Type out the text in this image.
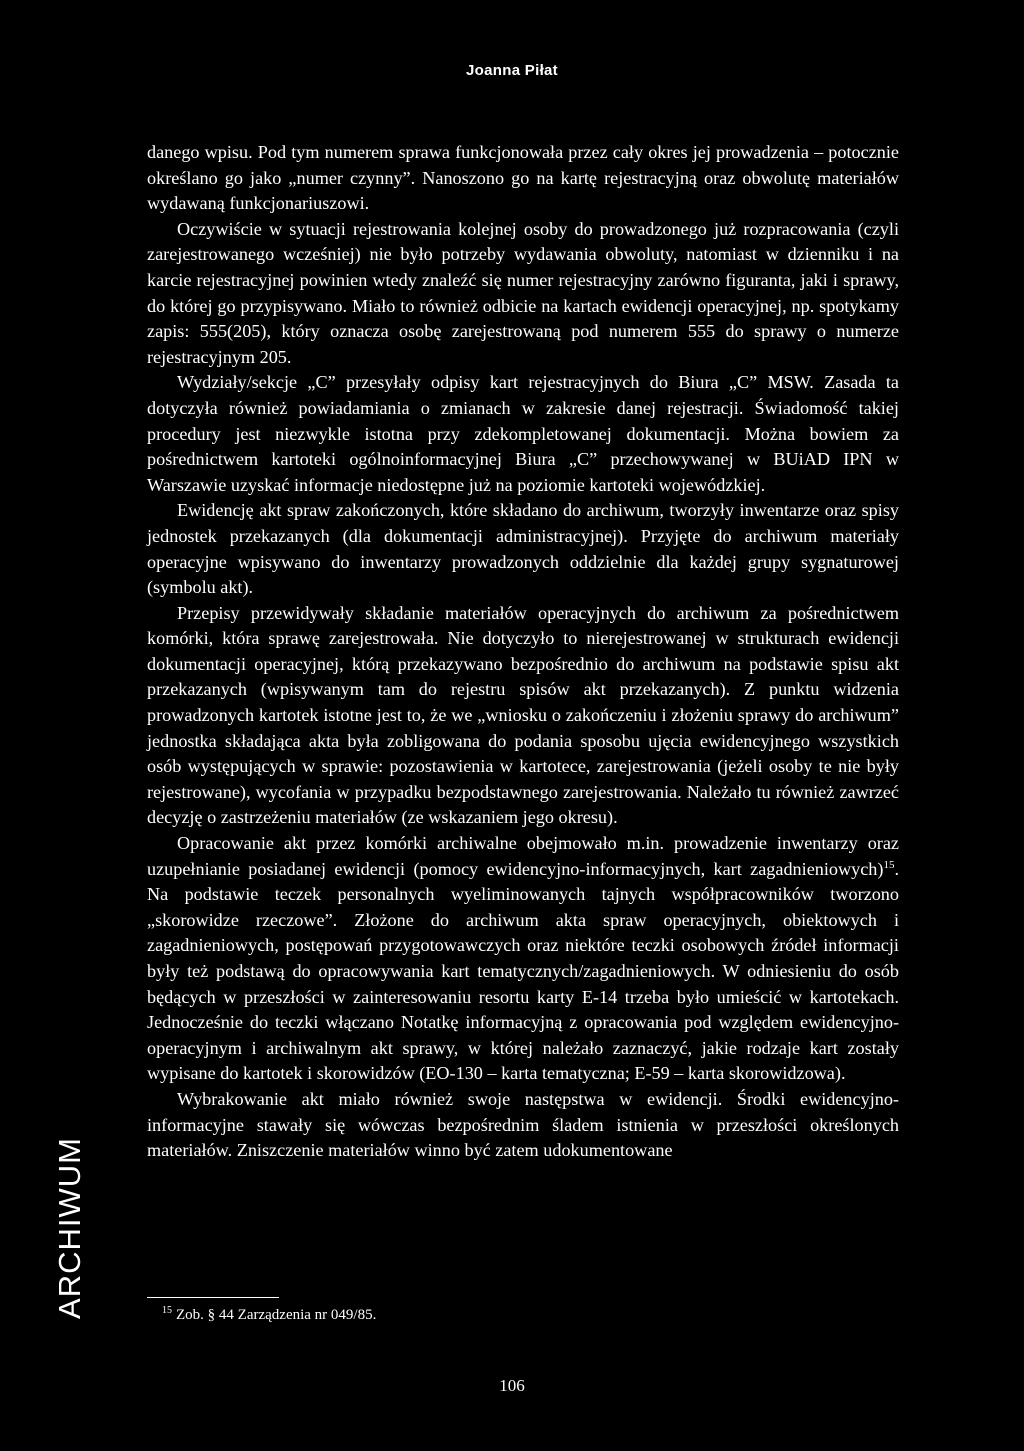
Joanna Piłat

danego wpisu. Pod tym numerem sprawa funkcjonowała przez cały okres jej prowadzenia – potocznie określano go jako „numer czynny”. Nanoszono go na kartę rejestracyjną oraz obwolutę materiałów wydawaną funkcjonariuszowi.

Oczywiście w sytuacji rejestrowania kolejnej osoby do prowadzonego już rozpracowania (czyli zarejestrowanego wcześniej) nie było potrzeby wydawania obwoluty, natomiast w dzienniku i na karcie rejestracyjnej powinien wtedy znaleźć się numer rejestracyjny zarówno figuranta, jaki i sprawy, do której go przypisywano. Miało to również odbicie na kartach ewidencji operacyjnej, np. spotykamy zapis: 555(205), który oznacza osobę zarejestrowaną pod numerem 555 do sprawy o numerze rejestracyjnym 205.

Wydziały/sekcje „C” przesyłały odpisy kart rejestracyjnych do Biura „C” MSW. Zasada ta dotyczyła również powiadamiania o zmianach w zakresie danej rejestracji. Świadomość takiej procedury jest niezwykle istotna przy zdekompletowanej dokumentacji. Można bowiem za pośrednictwem kartoteki ogólnoinformacyjnej Biura „C” przechowywanej w BUiAD IPN w Warszawie uzyskać informacje niedostępne już na poziomie kartoteki wojewódzkiej.

Ewidencję akt spraw zakończonych, które składano do archiwum, tworzyły inwentarze oraz spisy jednostek przekazanych (dla dokumentacji administracyjnej). Przyjęte do archiwum materiały operacyjne wpisywano do inwentarzy prowadzonych oddzielnie dla każdej grupy sygnaturowej (symbolu akt).

Przepisy przewidywały składanie materiałów operacyjnych do archiwum za pośrednictwem komórki, która sprawę zarejestrowała. Nie dotyczyło to nierejestrowanej w strukturach ewidencji dokumentacji operacyjnej, którą przekazywano bezpośrednio do archiwum na podstawie spisu akt przekazanych (wpisywanym tam do rejestru spisów akt przekazanych). Z punktu widzenia prowadzonych kartotek istotne jest to, że we „wniosku o zakończeniu i złożeniu sprawy do archiwum” jednostka składająca akta była zobligowana do podania sposobu ujęcia ewidencyjnego wszystkich osób występujących w sprawie: pozostawienia w kartotece, zarejestrowania (jeżeli osoby te nie były rejestrowane), wycofania w przypadku bezpodstawnego zarejestrowania. Należało tu również zawrzeć decyzję o zastrzeżeniu materiałów (ze wskazaniem jego okresu).

Opracowanie akt przez komórki archiwalne obejmowało m.in. prowadzenie inwentarzy oraz uzupełnianie posiadanej ewidencji (pomocy ewidencyjno-informacyjnych, kart zagadnieniowych)$^{15}$. Na podstawie teczek personalnych wyeliminowanych tajnych współpracowników tworzono „skorowidze rzeczowe”. Złożone do archiwum akta spraw operacyjnych, obiektowych i zagadnieniowych, postępowań przygotowawczych oraz niektóre teczki osobowych źródeł informacji były też podstawą do opracowywania kart tematycznych/zagadnieniowych. W odniesieniu do osób będących w przeszłości w zainteresowaniu resortu karty E-14 trzeba było umieścić w kartotekach. Jednocześnie do teczki włączano Notatkę informacyjną z opracowania pod względem ewidencyjno-operacyjnym i archiwalnym akt sprawy, w której należało zaznaczyć, jakie rodzaje kart zostały wypisane do kartotek i skorowidzów (EO-130 – karta tematyczna; E-59 – karta skorowidzowa).

Wybrakowanie akt miało również swoje następstwa w ewidencji. Środki ewidencyjno-informacyjne stawały się wówczas bezpośrednim śladem istnienia w przeszłości określonych materiałów. Zniszczenie materiałów winno być zatem udokumentowane

$^{15}$ Zob. § 44 Zarządzenia nr 049/85.
106
ARCHIWUM
